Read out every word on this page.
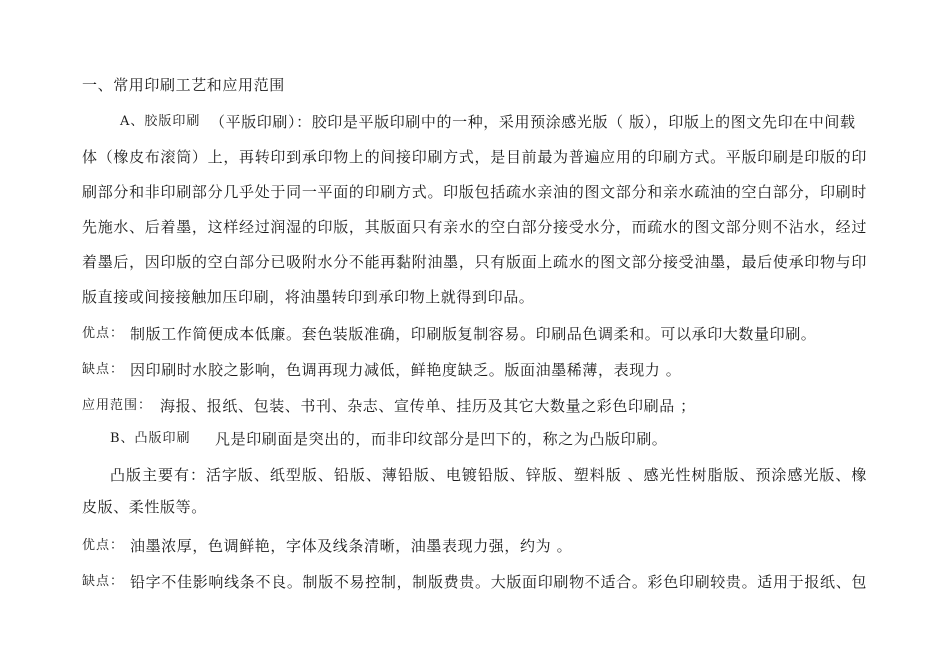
一、常用印刷工艺和应用范围
A、胶版印刷 （平版印刷）：胶印是平版印刷中的一种，采用预涂感光版（ 版），印版上的图文先印在中间载
体（橡皮布滚筒）上，再转印到承印物上的间接印刷方式，是目前最为普遍应用的印刷方式。平版印刷是印版的印
刷部分和非印刷部分几乎处于同一平面的印刷方式。印版包括疏水亲油的图文部分和亲水疏油的空白部分，印刷时
先施水、后着墨，这样经过润湿的印版，其版面只有亲水的空白部分接受水分，而疏水的图文部分则不沾水，经过
着墨后，因印版的空白部分已吸附水分不能再黏附油墨，只有版面上疏水的图文部分接受油墨，最后使承印物与印
版直接或间接接触加压印刷，将油墨转印到承印物上就得到印品。
优点： 制版工作简便成本低廉。套色装版准确，印刷版复制容易。印刷品色调柔和。可以承印大数量印刷。
缺点： 因印刷时水胶之影响，色调再现力减低，鲜艳度缺乏。版面油墨稀薄，表现力 。
应用范围： 海报、报纸、包装、书刊、杂志、宣传单、挂历及其它大数量之彩色印刷品 ；
B、凸版印刷 凡是印刷面是突出的，而非印纹部分是凹下的，称之为凸版印刷。
凸版主要有：活字版、纸型版、铅版、薄铅版、电镀铅版、锌版、塑料版 、感光性树脂版、预涂感光版、橡
皮版、柔性版等。
优点： 油墨浓厚，色调鲜艳，字体及线条清晰，油墨表现力强，约为 。
缺点： 铅字不佳影响线条不良。制版不易控制，制版费贵。大版面印刷物不适合。彩色印刷较贵。适用于报纸、包
